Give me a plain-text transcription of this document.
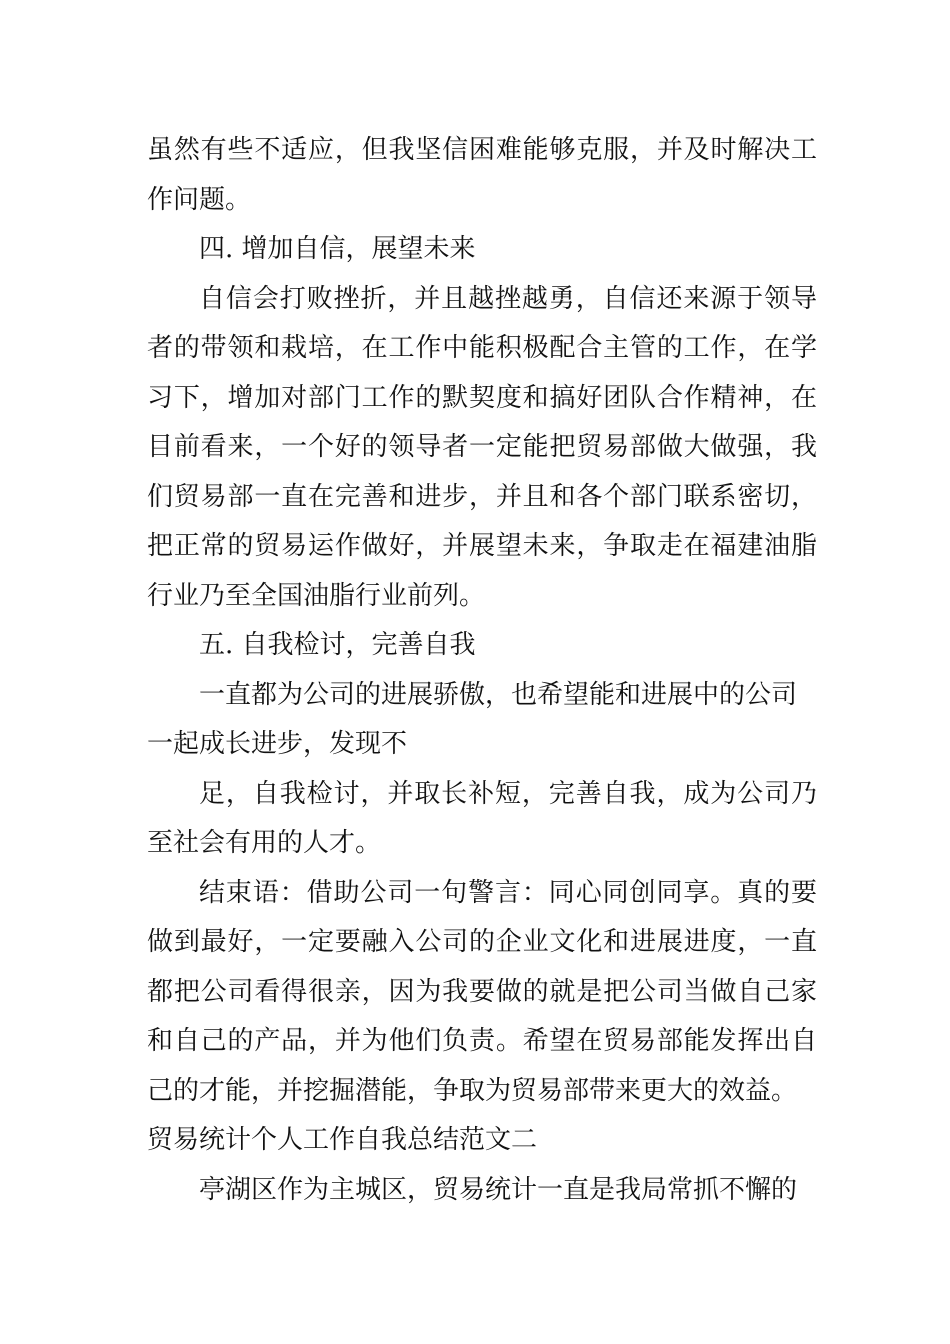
虽然有些不适应，但我坚信困难能够克服，并及时解决工作问题。

四. 增加自信，展望未来

自信会打败挫折，并且越挫越勇，自信还来源于领导者的带领和栽培，在工作中能积极配合主管的工作，在学习下，增加对部门工作的默契度和搞好团队合作精神，在目前看来，一个好的领导者一定能把贸易部做大做强，我们贸易部一直在完善和进步，并且和各个部门联系密切，把正常的贸易运作做好，并展望未来，争取走在福建油脂行业乃至全国油脂行业前列。

五. 自我检讨，完善自我

一直都为公司的进展骄傲，也希望能和进展中的公司一起成长进步，发现不

足，自我检讨，并取长补短，完善自我，成为公司乃至社会有用的人才。

结束语：借助公司一句警言：同心同创同享。真的要做到最好，一定要融入公司的企业文化和进展进度，一直都把公司看得很亲，因为我要做的就是把公司当做自己家和自己的产品，并为他们负责。希望在贸易部能发挥出自己的才能，并挖掘潜能，争取为贸易部带来更大的效益。

贸易统计个人工作自我总结范文二

亭湖区作为主城区，贸易统计一直是我局常抓不懈的
